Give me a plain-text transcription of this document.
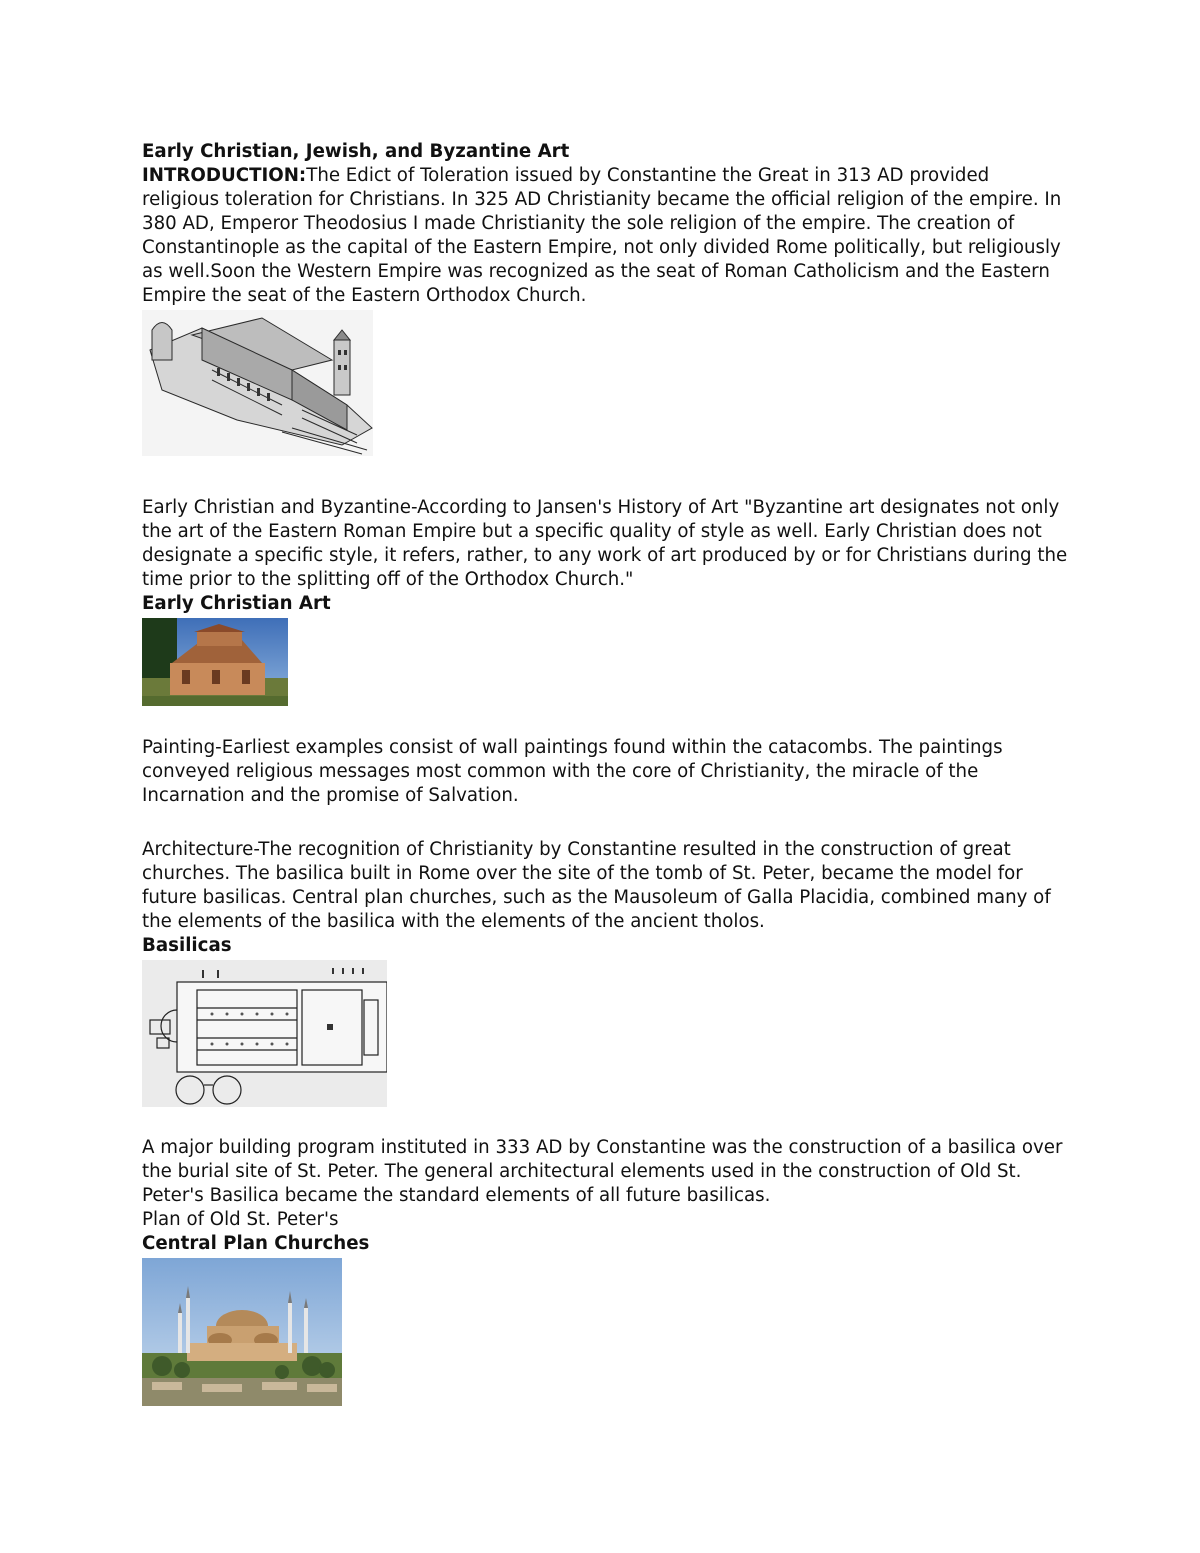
Early Christian, Jewish, and Byzantine Art

INTRODUCTION:The Edict of Toleration issued by Constantine the Great in 313 AD provided religious toleration for Christians. In 325 AD Christianity became the official religion of the empire. In 380 AD, Emperor Theodosius I made Christianity the sole religion of the empire. The creation of Constantinople as the capital of the Eastern Empire, not only divided Rome politically, but religiously as well.Soon the Western Empire was recognized as the seat of Roman Catholicism and the Eastern Empire the seat of the Eastern Orthodox Church.

Early Christian and Byzantine-According to Jansen's History of Art "Byzantine art designates not only the art of the Eastern Roman Empire but a specific quality of style as well. Early Christian does not designate a specific style, it refers, rather, to any work of art produced by or for Christians during the time prior to the splitting off of the Orthodox Church."

Early Christian Art

Painting-Earliest examples consist of wall paintings found within the catacombs. The paintings conveyed religious messages most common with the core of Christianity, the miracle of the Incarnation and the promise of Salvation.

Architecture-The recognition of Christianity by Constantine resulted in the construction of great churches. The basilica built in Rome over the site of the tomb of St. Peter, became the model for future basilicas. Central plan churches, such as the Mausoleum of Galla Placidia, combined many of the elements of the basilica with the elements of the ancient tholos.

Basilicas

A major building program instituted in 333 AD by Constantine was the construction of a basilica over the burial site of St. Peter. The general architectural elements used in the construction of Old St. Peter's Basilica became the standard elements of all future basilicas.

Plan of Old St. Peter's

Central Plan Churches
